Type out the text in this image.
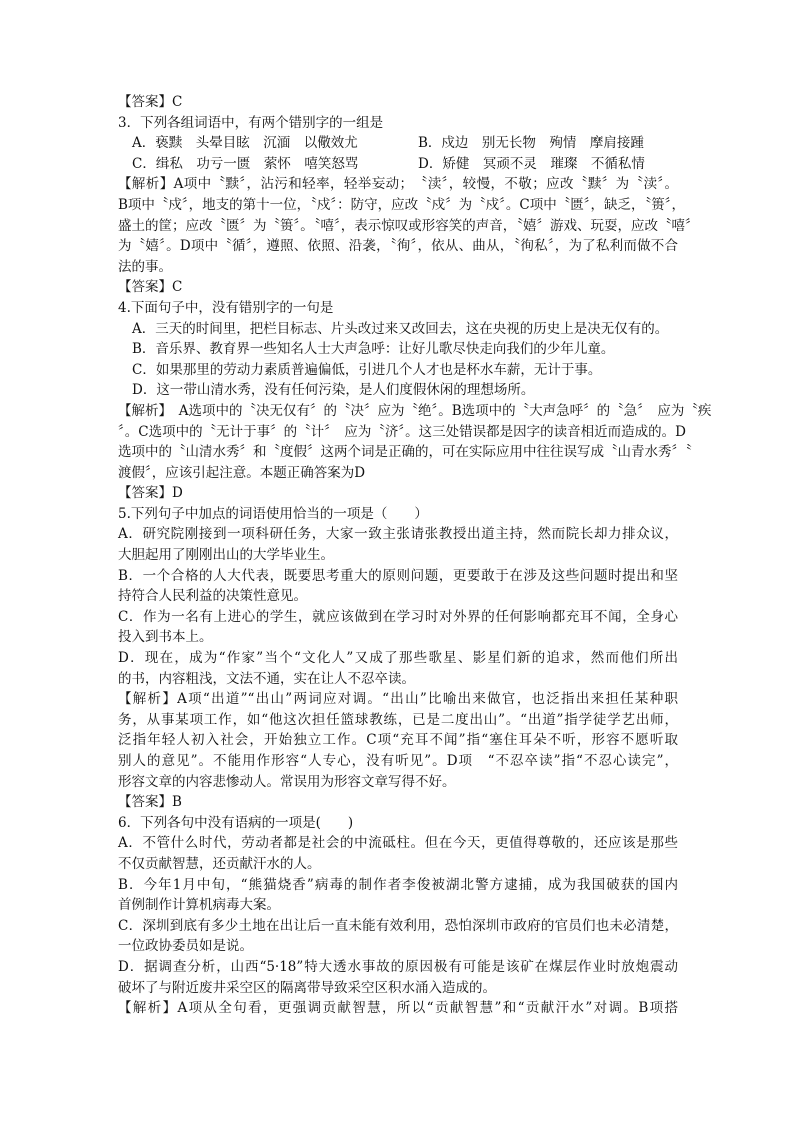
【答案】C
3．下列各组词语中，有两个错别字的一组是
A．亵黩　头晕目眩　沉湎　以儆效尤	B．戍边　别无长物　殉情　摩肩接踵
C．缉私　功亏一匮　萦怀　嘻笑怒骂	D．矫健　冥顽不灵　璀璨　不循私情
【解析】A项中〝黩〞，沾污和轻率，轻举妄动；　〝渎〞，较慢，不敬；应改〝黩〞为〝渎〞。
B项中〝戍〞，地支的第十一位，〝戍〞：防守，应改〝戍〞为〝戍〞。C项中〝匮〞，缺乏，〝篑〞，
盛土的筐；应改〝匮〞为〝篑〞。〝嘻〞，表示惊叹或形容笑的声音，〝嬉〞游戏、玩耍，应改〝嘻〞
为〝嬉〞。D项中〝循〞，遵照、依照、沿袭，〝徇〞，依从、曲从，〝徇私〞，为了私利而做不合
法的事。
【答案】C
4.下面句子中，没有错别字的一句是
A．三天的时间里，把栏目标志、片头改过来又改回去，这在央视的历史上是决无仅有的。
B．音乐界、教育界一些知名人士大声急呼：让好儿歌尽快走向我们的少年儿童。
C．如果那里的劳动力素质普遍偏低，引进几个人才也是杯水车薪，无计于事。
D．这一带山清水秀，没有任何污染，是人们度假休闲的理想场所。
【解析】　A选项中的〝决无仅有〞的〝决〞应为〝绝〞。B选项中的〝大声急呼〞的〝急〞　应为〝疾
〞。C选项中的〝无计于事〞的〝计〞　应为〝济〞。这三处错误都是因字的读音相近而造成的。D
选项中的〝山清水秀〞和〝度假〞这两个词是正确的，可在实际应用中往往误写成〝山青水秀〞〝
渡假〞，应该引起注意。本题正确答案为D
【答案】D
5.下列句子中加点的词语使用恰当的一项是（　　）
A．研究院刚接到一项科研任务，大家一致主张请张教授出道主持，然而院长却力排众议，
大胆起用了刚刚出山的大学毕业生。
B．一个合格的人大代表，既要思考重大的原则问题，更要敢于在涉及这些问题时提出和坚
持符合人民利益的决策性意见。
C．作为一名有上进心的学生，就应该做到在学习时对外界的任何影响都充耳不闻，全身心
投入到书本上。
D．现在，成为“作家”当个“文化人”又成了那些歌星、影星们新的追求，然而他们所出
的书，内容粗浅，文法不通，实在让人不忍卒读。
【解析】A项“出道”“出山”两词应对调。“出山”比喻出来做官，也泛指出来担任某种职
务，从事某项工作，如“他这次担任篮球教练，已是二度出山”。“出道”指学徒学艺出师，
泛指年轻人初入社会，开始独立工作。C项“充耳不闻”指“塞住耳朵不听，形容不愿听取
别人的意见”。不能用作形容“人专心，没有听见”。D项　“不忍卒读”指“不忍心读完”，
形容文章的内容悲惨动人。常误用为形容文章写得不好。
【答案】B
6．下列各句中没有语病的一项是(　　)
A．不管什么时代，劳动者都是社会的中流砥柱。但在今天，更值得尊敬的，还应该是那些
不仅贡献智慧，还贡献汗水的人。
B．今年1月中旬，“熊猫烧香”病毒的制作者李俊被湖北警方逮捕，成为我国破获的国内
首例制作计算机病毒大案。
C．深圳到底有多少土地在出让后一直未能有效利用，恐怕深圳市政府的官员们也未必清楚，
一位政协委员如是说。
D．据调查分析，山西“5·18”特大透水事故的原因极有可能是该矿在煤层作业时放炮震动
破坏了与附近废井采空区的隔离带导致采空区积水涌入造成的。
【解析】A项从全句看，更强调贡献智慧，所以“贡献智慧”和“贡献汗水”对调。B项搭
